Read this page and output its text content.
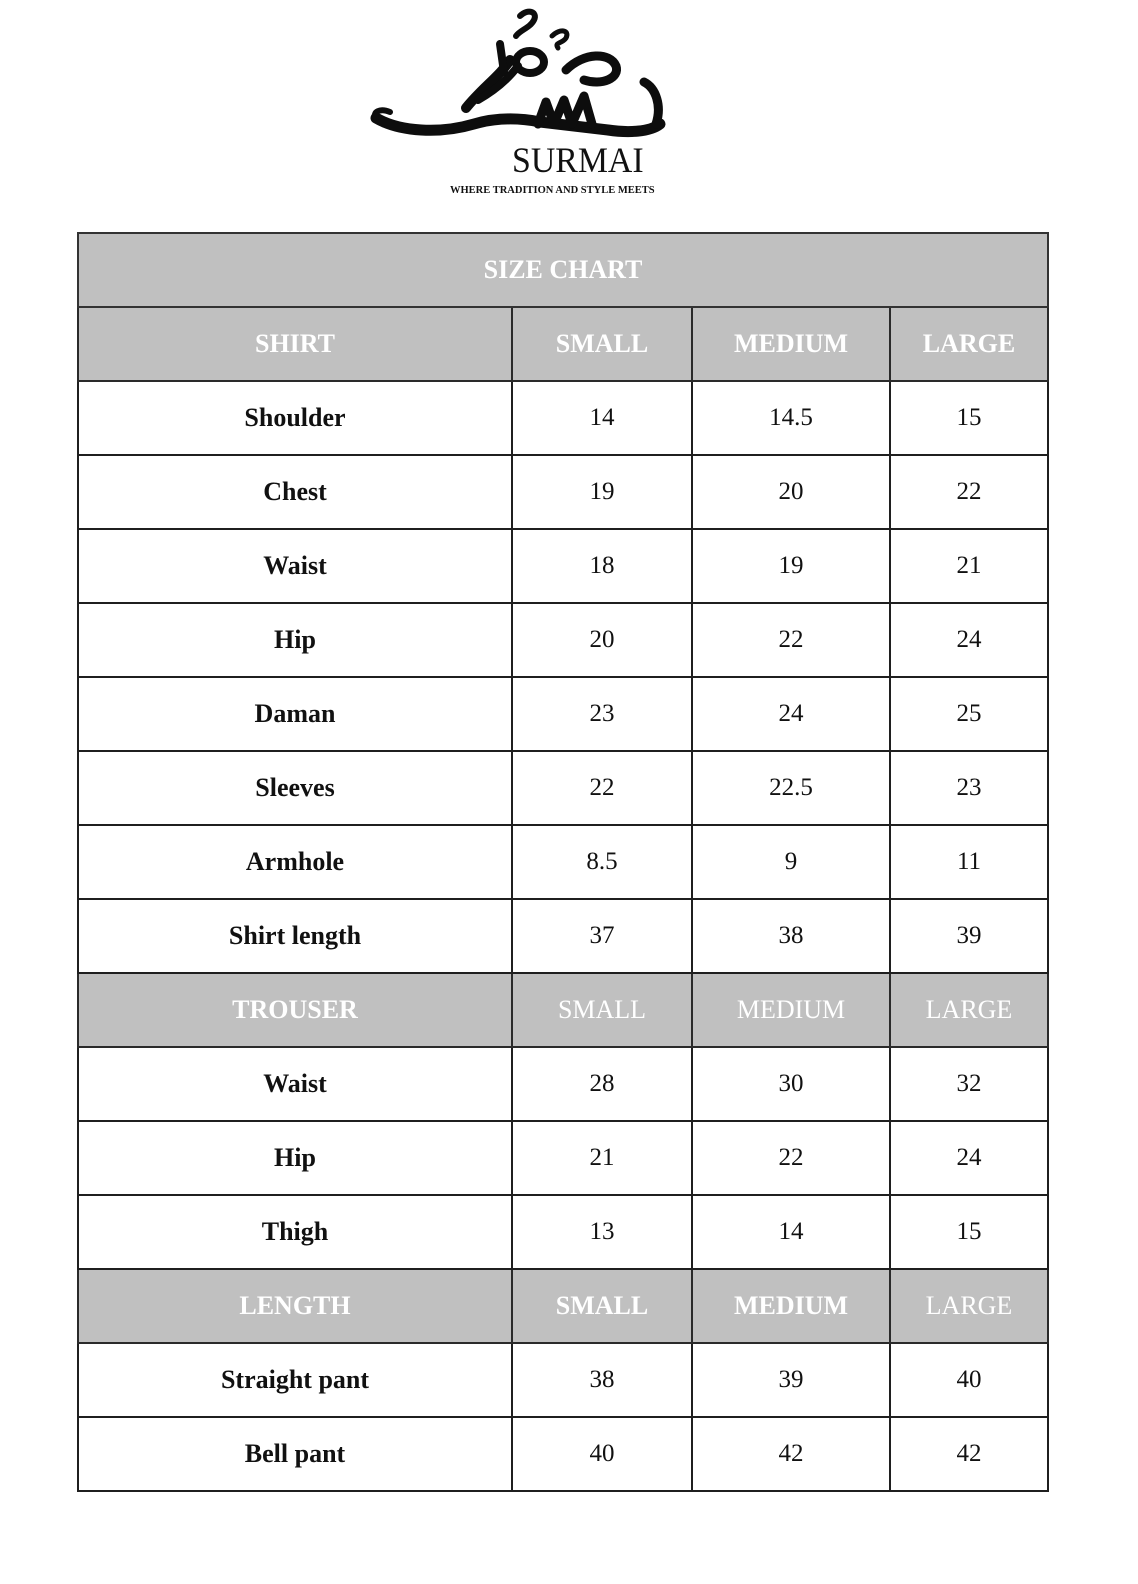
SURMAI
WHERE TRADITION AND STYLE MEETS
SIZE CHART			
SHIRT	SMALL	MEDIUM	LARGE
Shoulder	14	14.5	15
Chest	19	20	22
Waist	18	19	21
Hip	20	22	24
Daman	23	24	25
Sleeves	22	22.5	23
Armhole	8.5	9	11
Shirt length	37	38	39
TROUSER	SMALL	MEDIUM	LARGE
Waist	28	30	32
Hip	21	22	24
Thigh	13	14	15
LENGTH	SMALL	MEDIUM	LARGE
Straight pant	38	39	40
Bell pant	40	42	42
